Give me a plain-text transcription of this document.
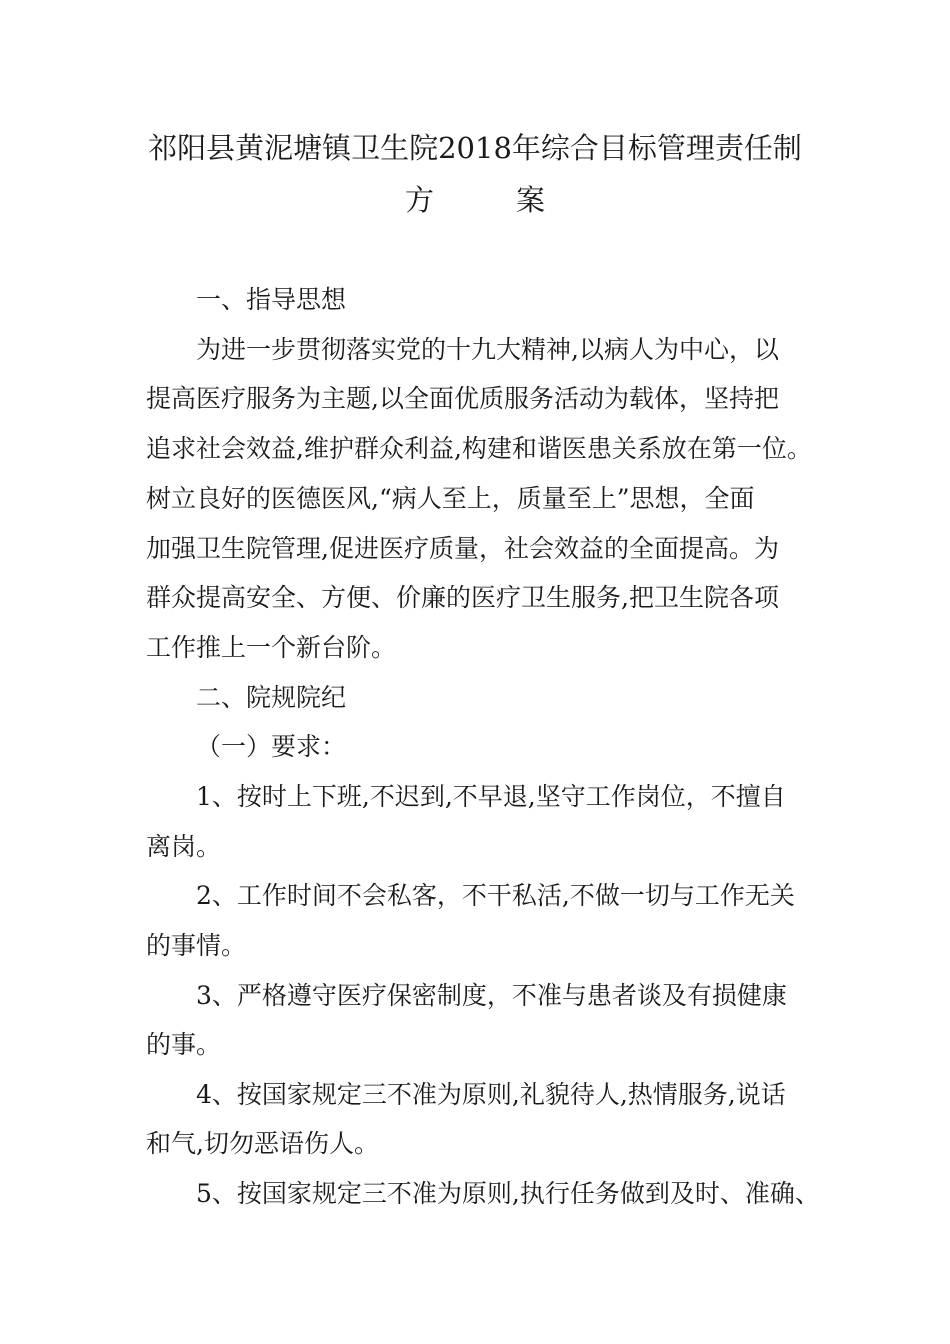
祁阳县黄泥塘镇卫生院2018年综合目标管理责任制
方	案
一、指导思想
为进一步贯彻落实党的十九大精神,以病人为中心，以
提高医疗服务为主题,以全面优质服务活动为载体，坚持把
追求社会效益,维护群众利益,构建和谐医患关系放在第一位。
树立良好的医德医风,“病人至上，质量至上”思想，全面
加强卫生院管理,促进医疗质量，社会效益的全面提高。为
群众提高安全、方便、价廉的医疗卫生服务,把卫生院各项
工作推上一个新台阶。
二、院规院纪
（一）要求：
1、按时上下班,不迟到,不早退,坚守工作岗位，不擅自
离岗。
2、工作时间不会私客，不干私活,不做一切与工作无关
的事情。
3、严格遵守医疗保密制度，不准与患者谈及有损健康
的事。
4、按国家规定三不准为原则,礼貌待人,热情服务,说话
和气,切勿恶语伤人。
5、按国家规定三不准为原则,执行任务做到及时、准确、
